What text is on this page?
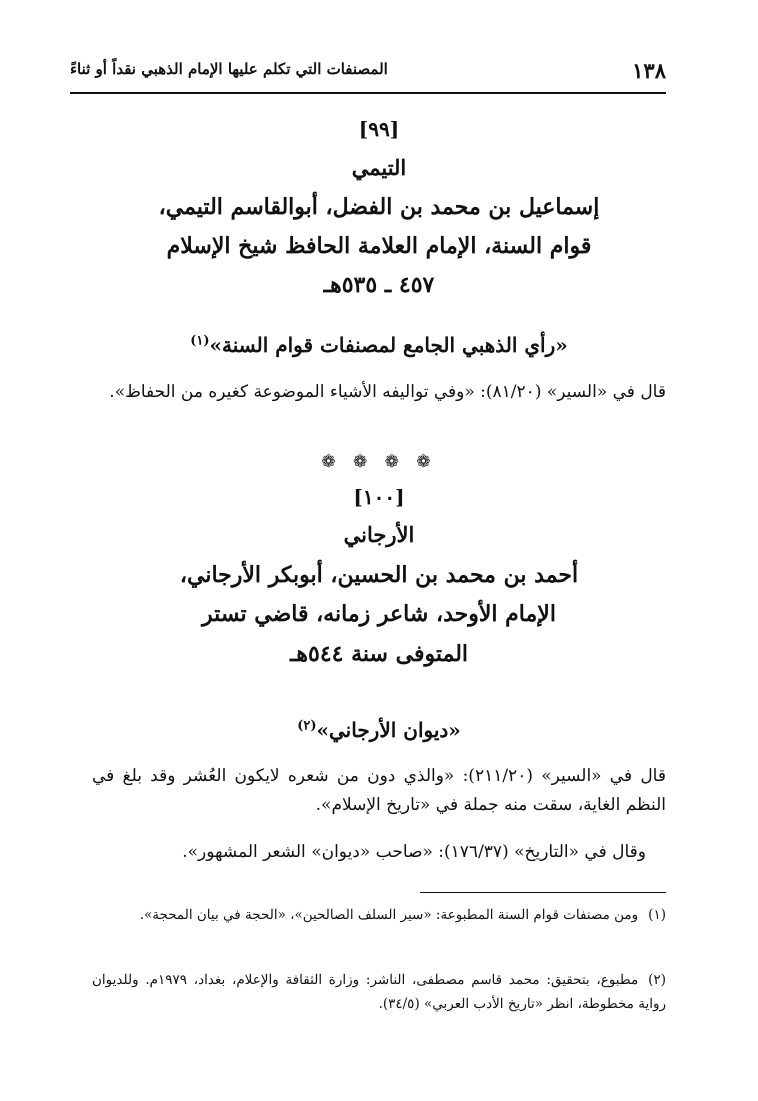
١٣٨
المصنفات التي تكلم عليها الإمام الذهبي نقداً أو ثناءً
[٩٩]
التيمي
إسماعيل بن محمد بن الفضل، أبوالقاسم التيمي،
قوام السنة، الإمام العلامة الحافظ شيخ الإسلام
٤٥٧ ـ ٥٣٥هـ
«رأي الذهبي الجامع لمصنفات قوام السنة»$^{(١)}$
قال في «السير» (٨١/٢٠): «وفي تواليفه الأشياء الموضوعة كغيره من الحفاظ».
❁ ❁ ❁ ❁
[١٠٠]
الأرجاني
أحمد بن محمد بن الحسين، أبوبكر الأرجاني،
الإمام الأوحد، شاعر زمانه، قاضي تستر
المتوفى سنة ٥٤٤هـ
«ديوان الأرجاني»$^{(٢)}$
قال في «السير» (٢١١/٢٠): «والذي دون من شعره لايكون العُشر وقد بلغ في النظم الغاية، سقت منه جملة في «تاريخ الإسلام».
وقال في «التاريخ» (١٧٦/٣٧): «صاحب «ديوان» الشعر المشهور».
(١)ومن مصنفات قوام السنة المطبوعة: «سير السلف الصالحين»، «الحجة في بيان المحجة».
(٢)مطبوع، بتحقيق: محمد قاسم مصطفى، الناشر: وزارة الثقافة والإعلام، بغداد، ١٩٧٩م. وللديوان رواية مخطوطة، انظر «تاريخ الأدب العربي» (٣٤/٥).
